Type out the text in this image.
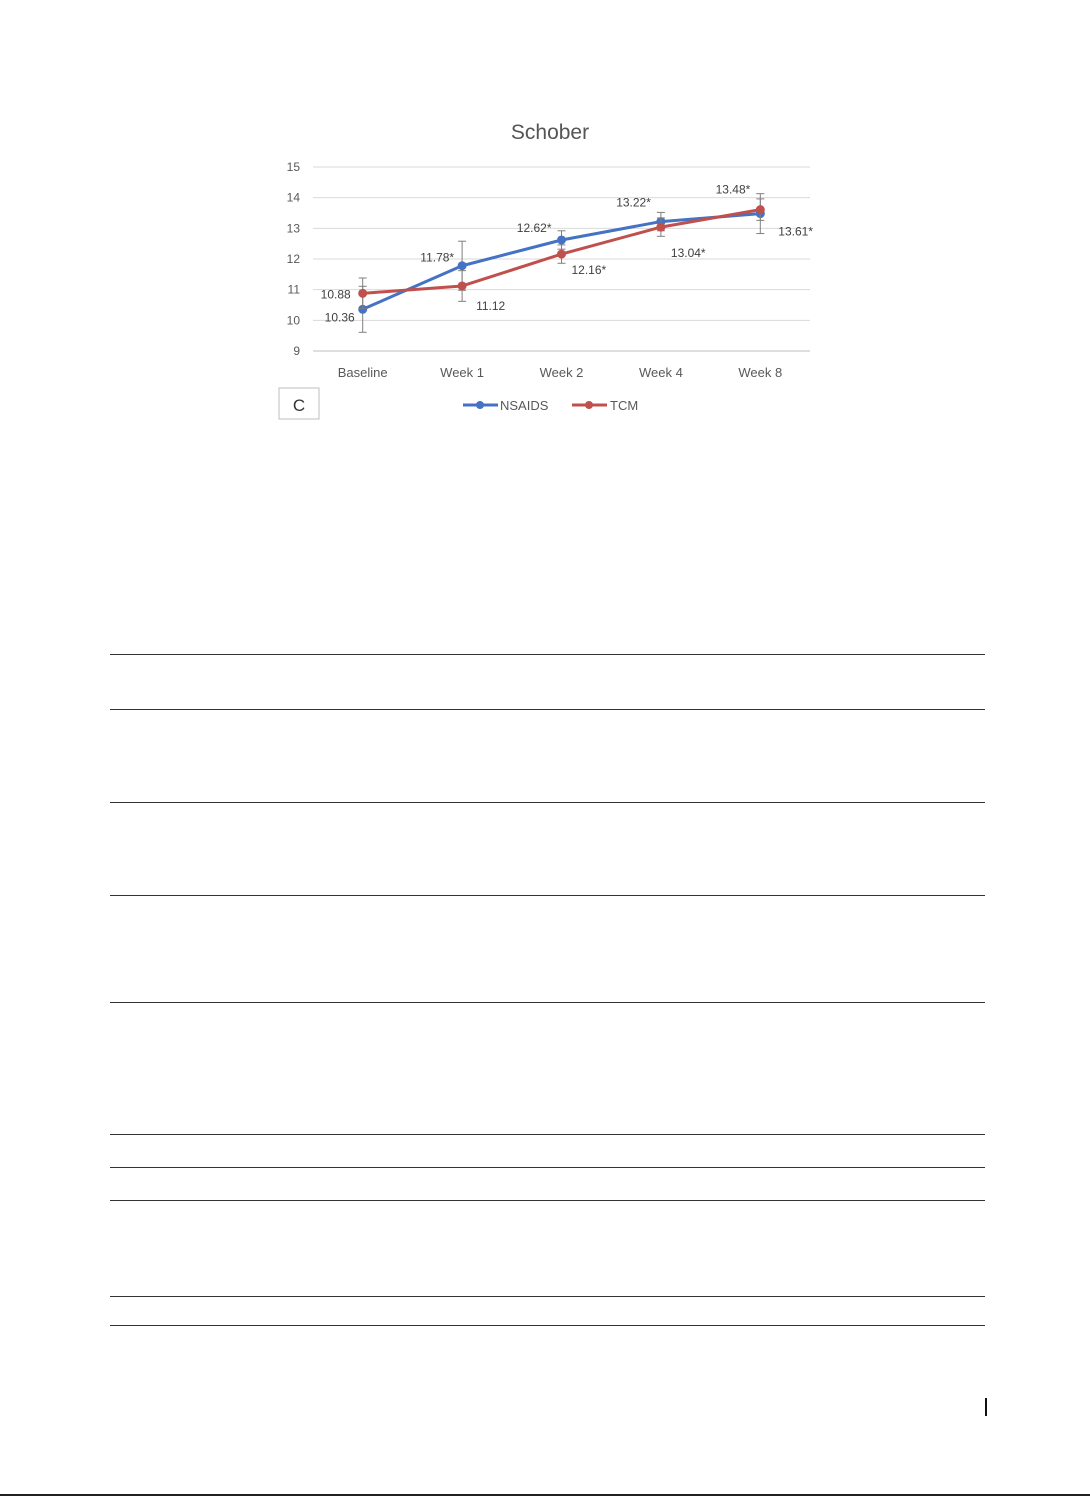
Schober
9
10
11
12
13
14
15
Baseline	Week 1	Week 2	Week 4	Week 8
10.36
11.78*
12.62*
13.22*
13.48*
10.88
11.12
12.16*
13.04*
13.61*
C	NSAIDS	TCM
